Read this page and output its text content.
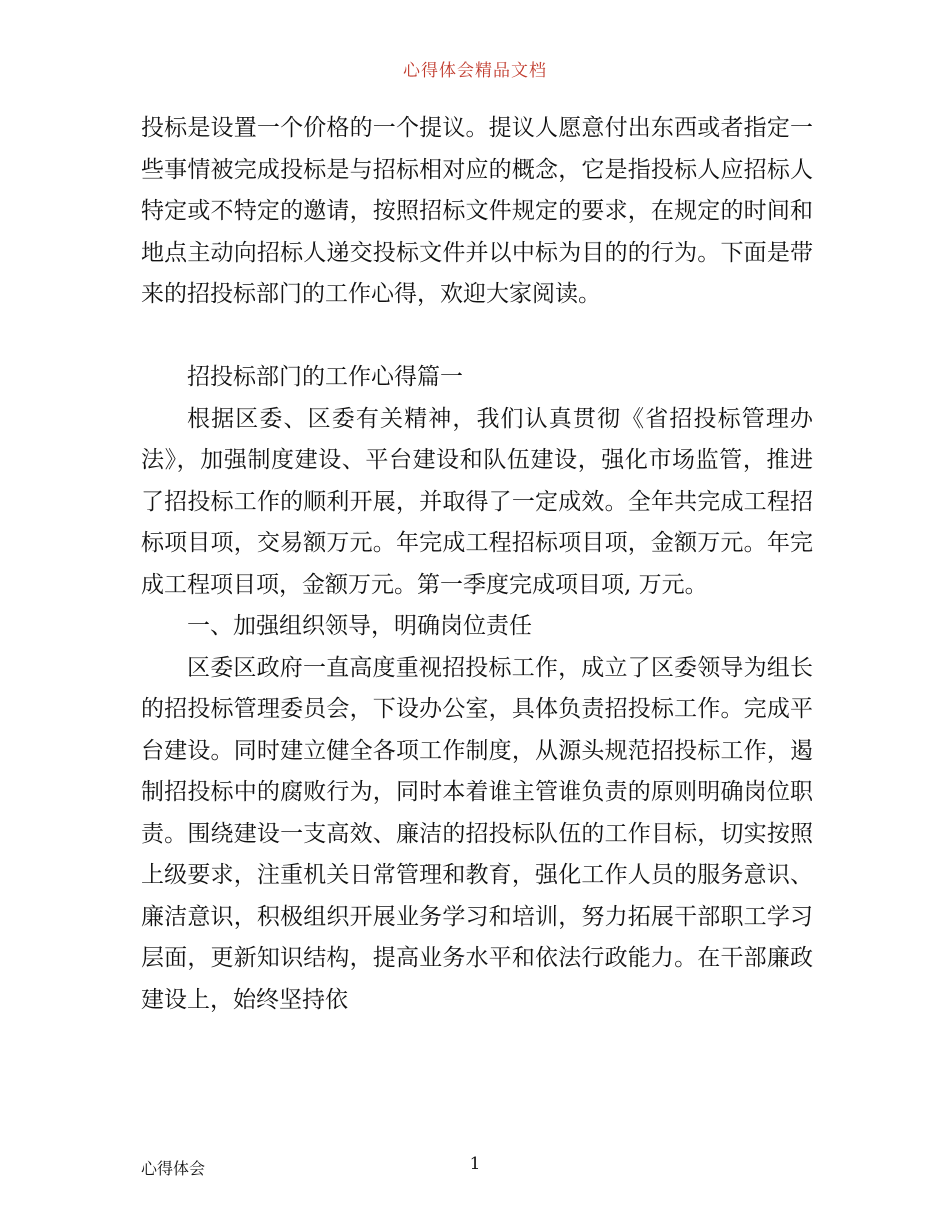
心得体会精品文档

投标是设置一个价格的一个提议。提议人愿意付出东西或者指定一些事情被完成投标是与招标相对应的概念，它是指投标人应招标人特定或不特定的邀请，按照招标文件规定的要求，在规定的时间和地点主动向招标人递交投标文件并以中标为目的的行为。下面是带来的招投标部门的工作心得，欢迎大家阅读。

招投标部门的工作心得篇一

根据区委、区委有关精神，我们认真贯彻《省招投标管理办法》，加强制度建设、平台建设和队伍建设，强化市场监管，推进了招投标工作的顺利开展，并取得了一定成效。全年共完成工程招标项目项，交易额万元。年完成工程招标项目项，金额万元。年完成工程项目项，金额万元。第一季度完成项目项, 万元。

一、加强组织领导，明确岗位责任

区委区政府一直高度重视招投标工作，成立了区委领导为组长的招投标管理委员会，下设办公室，具体负责招投标工作。完成平台建设。同时建立健全各项工作制度，从源头规范招投标工作，遏制招投标中的腐败行为，同时本着谁主管谁负责的原则明确岗位职责。围绕建设一支高效、廉洁的招投标队伍的工作目标，切实按照上级要求，注重机关日常管理和教育，强化工作人员的服务意识、廉洁意识，积极组织开展业务学习和培训，努力拓展干部职工学习层面，更新知识结构，提高业务水平和依法行政能力。在干部廉政建设上，始终坚持依

心得体会	1
